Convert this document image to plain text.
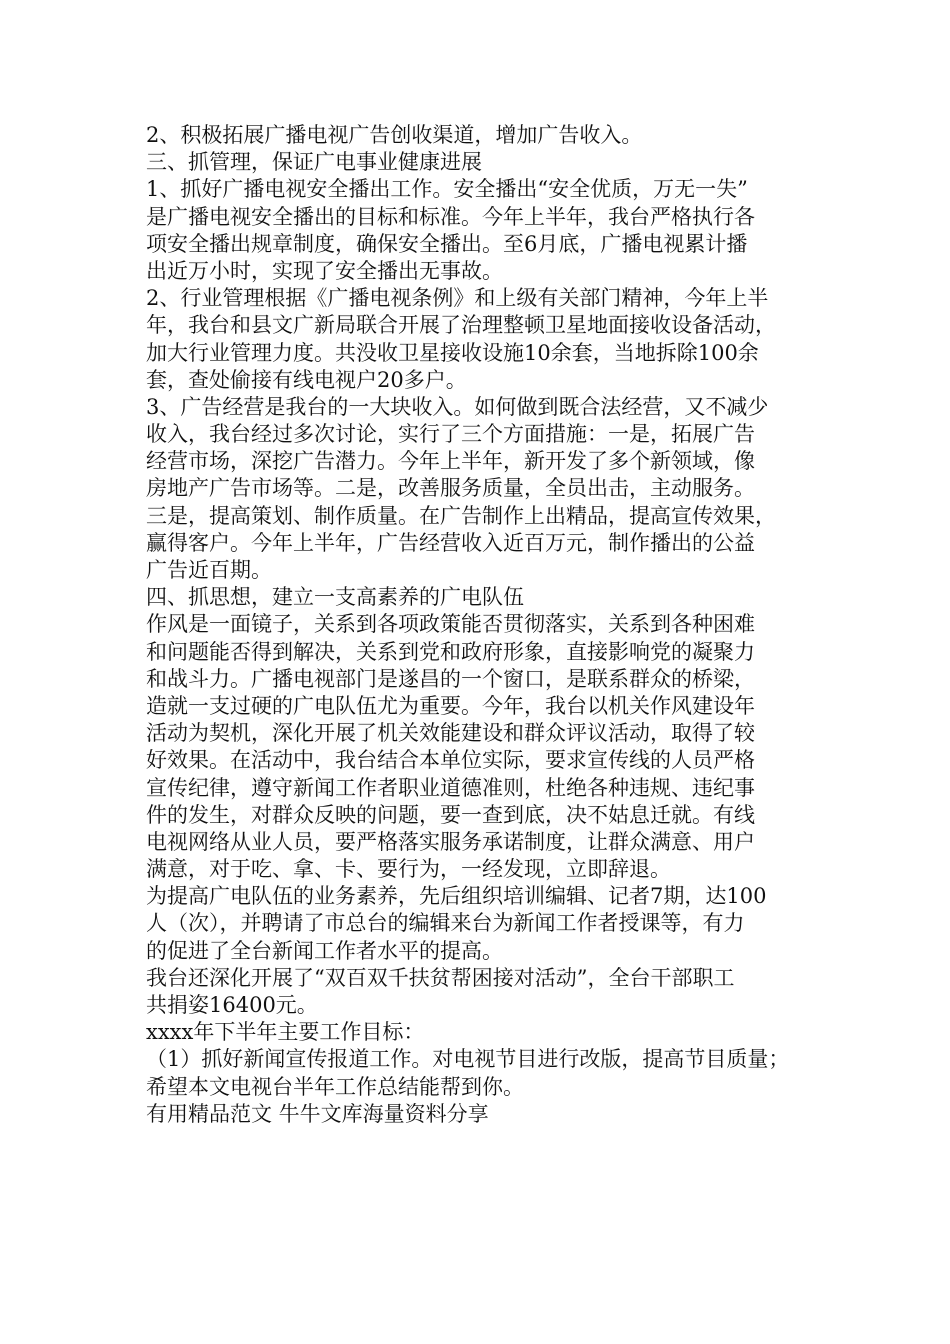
2、积极拓展广播电视广告创收渠道，增加广告收入。
三、抓管理，保证广电事业健康进展
1、抓好广播电视安全播出工作。安全播出“安全优质，万无一失”
是广播电视安全播出的目标和标准。今年上半年，我台严格执行各
项安全播出规章制度，确保安全播出。至6月底，广播电视累计播
出近万小时，实现了安全播出无事故。
2、行业管理根据《广播电视条例》和上级有关部门精神，今年上半
年，我台和县文广新局联合开展了治理整顿卫星地面接收设备活动，
加大行业管理力度。共没收卫星接收设施10余套，当地拆除100余
套，查处偷接有线电视户20多户。
3、广告经营是我台的一大块收入。如何做到既合法经营，又不减少
收入，我台经过多次讨论，实行了三个方面措施：一是，拓展广告
经营市场，深挖广告潜力。今年上半年，新开发了多个新领域，像
房地产广告市场等。二是，改善服务质量，全员出击，主动服务。
三是，提高策划、制作质量。在广告制作上出精品，提高宣传效果，
赢得客户。今年上半年，广告经营收入近百万元，制作播出的公益
广告近百期。
四、抓思想，建立一支高素养的广电队伍
作风是一面镜子，关系到各项政策能否贯彻落实，关系到各种困难
和问题能否得到解决，关系到党和政府形象，直接影响党的凝聚力
和战斗力。广播电视部门是遂昌的一个窗口，是联系群众的桥梁，
造就一支过硬的广电队伍尤为重要。今年，我台以机关作风建设年
活动为契机，深化开展了机关效能建设和群众评议活动，取得了较
好效果。在活动中，我台结合本单位实际，要求宣传线的人员严格
宣传纪律，遵守新闻工作者职业道德准则，杜绝各种违规、违纪事
件的发生，对群众反映的问题，要一查到底，决不姑息迁就。有线
电视网络从业人员，要严格落实服务承诺制度，让群众满意、用户
满意，对于吃、拿、卡、要行为，一经发现，立即辞退。
为提高广电队伍的业务素养，先后组织培训编辑、记者7期，达100
人（次），并聘请了市总台的编辑来台为新闻工作者授课等，有力
的促进了全台新闻工作者水平的提高。
我台还深化开展了“双百双千扶贫帮困接对活动”，全台干部职工
共捐姿16400元。
xxxx年下半年主要工作目标：
（1）抓好新闻宣传报道工作。对电视节目进行改版，提高节目质量；
希望本文电视台半年工作总结能帮到你。
有用精品范文 牛牛文库海量资料分享
